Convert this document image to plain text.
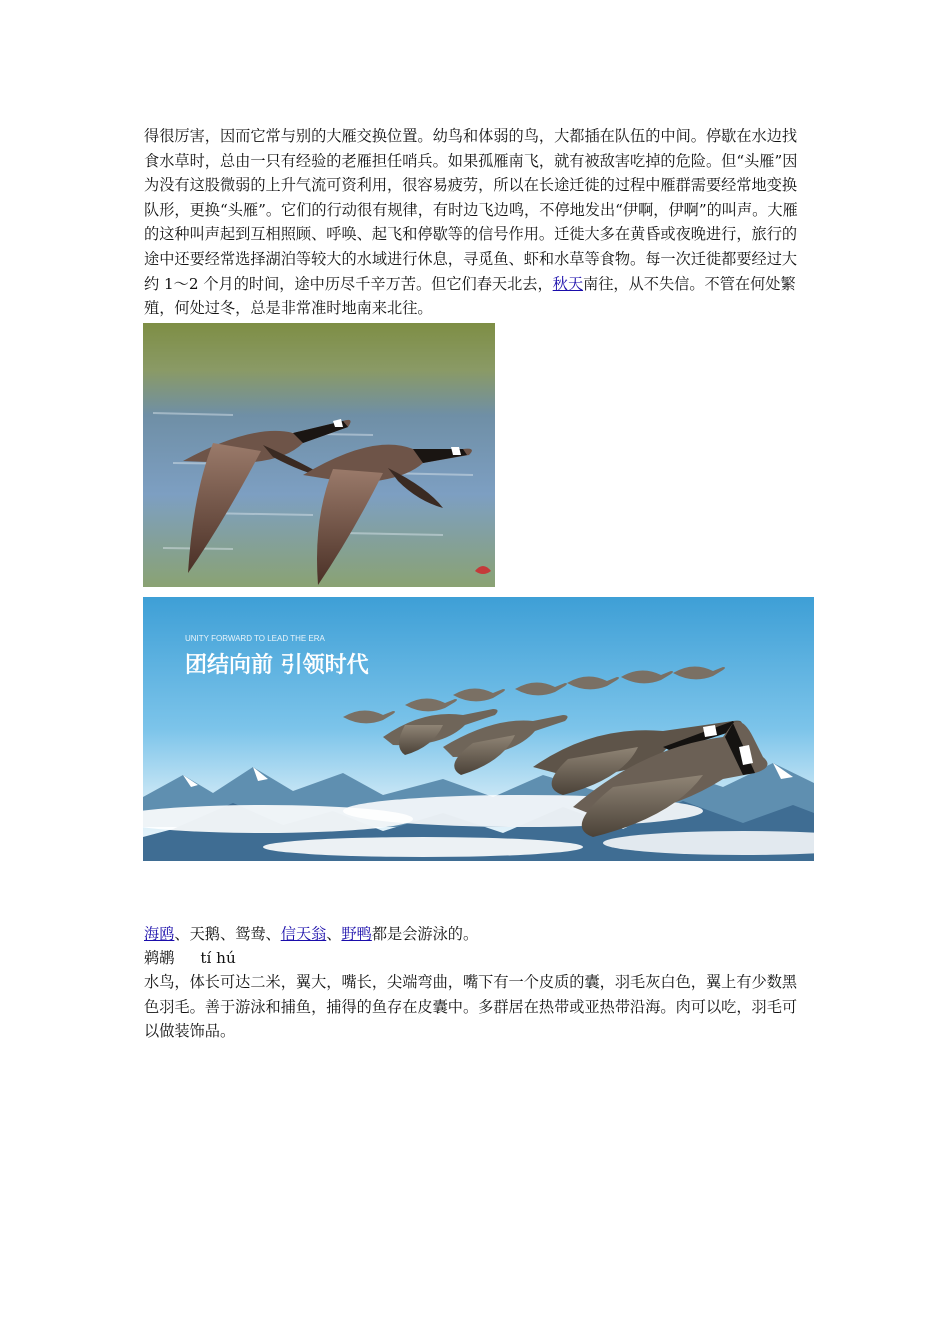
得很厉害，因而它常与别的大雁交换位置。幼鸟和体弱的鸟，大都插在队伍的中间。停歇在水边找食水草时，总由一只有经验的老雁担任哨兵。如果孤雁南飞，就有被敌害吃掉的危险。但“头雁”因为没有这股微弱的上升气流可资利用，很容易疲劳，所以在长途迁徙的过程中雁群需要经常地变换队形，更换“头雁”。它们的行动很有规律，有时边飞边鸣，不停地发出“伊啊，伊啊”的叫声。大雁的这种叫声起到互相照顾、呼唤、起飞和停歇等的信号作用。迁徙大多在黄昏或夜晚进行，旅行的途中还要经常选择湖泊等较大的水域进行休息，寻觅鱼、虾和水草等食物。每一次迁徙都要经过大约 1～2 个月的时间，途中历尽千辛万苦。但它们春天北去，秋天南往，从不失信。不管在何处繁殖，何处过冬，总是非常准时地南来北往。

UNITY FORWARD TO LEAD THE ERA
团结向前 引领时代

海鸥、天鹅、鸳鸯、信天翁、野鸭都是会游泳的。

鹈鹕 tí hú

水鸟，体长可达二米，翼大，嘴长，尖端弯曲，嘴下有一个皮质的囊，羽毛灰白色，翼上有少数黑色羽毛。善于游泳和捕鱼，捕得的鱼存在皮囊中。多群居在热带或亚热带沿海。肉可以吃，羽毛可以做装饰品。
